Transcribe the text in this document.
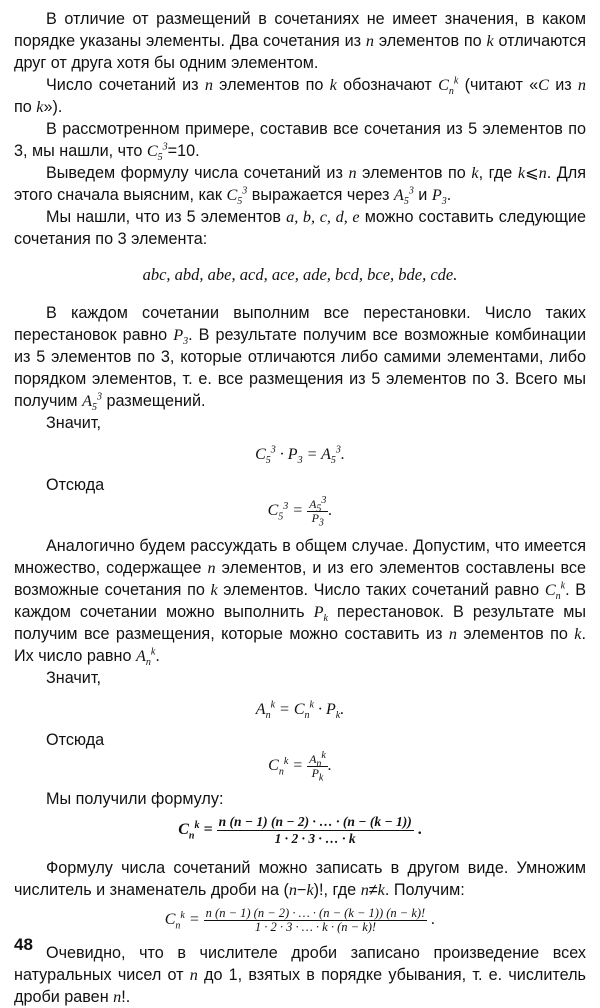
В отличие от размещений в сочетаниях не имеет значения, в каком порядке указаны элементы. Два сочетания из n элементов по k отличаются друг от друга хотя бы одним элементом.

Число сочетаний из n элементов по k обозначают $C_n^k$ (читают «C из n по k»).

В рассмотренном примере, составив все сочетания из 5 элементов по 3, мы нашли, что $C_5^3=10$.

Выведем формулу числа сочетаний из n элементов по k, где k⩽n. Для этого сначала выясним, как $C_5^3$ выражается через $A_5^3$ и $P_3$.

Мы нашли, что из 5 элементов a, b, c, d, e можно составить следующие сочетания по 3 элемента:

abc, abd, abe, acd, ace, ade, bcd, bce, bde, cde.

В каждом сочетании выполним все перестановки. Число таких перестановок равно $P_3$. В результате получим все возможные комбинации из 5 элементов по 3, которые отличаются либо самими элементами, либо порядком элементов, т. е. все размещения из 5 элементов по 3. Всего мы получим $A_5^3$ размещений.

Значит,

$C_5^3 \cdot P_3 = A_5^3$.

Отсюда

$C_5^3 = \frac{A_5^3}{P_3}$ .

Аналогично будем рассуждать в общем случае. Допустим, что имеется множество, содержащее n элементов, и из его элементов составлены все возможные сочетания по k элементов. Число таких сочетаний равно $C_n^k$. В каждом сочетании можно выполнить $P_k$ перестановок. В результате мы получим все размещения, которые можно составить из n элементов по k. Их число равно $A_n^k$.

Значит,

$A_n^k = C_n^k \cdot P_k$.

Отсюда

$C_n^k = \frac{A_n^k}{P_k}$ .

Мы получили формулу:

$C_n^k = \frac{n (n - 1) (n - 2) \cdot \dots \cdot (n - (k - 1))}{1 \cdot 2 \cdot 3 \cdot \dots \cdot k}$ .

Формулу числа сочетаний можно записать в другом виде. Умножим числитель и знаменатель дроби на (n−k)!, где n≠k. Получим:

$C_n^k = \frac{n (n - 1) (n - 2) \cdot \dots \cdot (n - (k - 1)) (n - k)!}{1 \cdot 2 \cdot 3 \cdot \dots \cdot k \cdot (n - k)!}$ .

Очевидно, что в числителе дроби записано произведение всех натуральных чисел от n до 1, взятых в порядке убывания, т. е. числитель дроби равен n!.

48
